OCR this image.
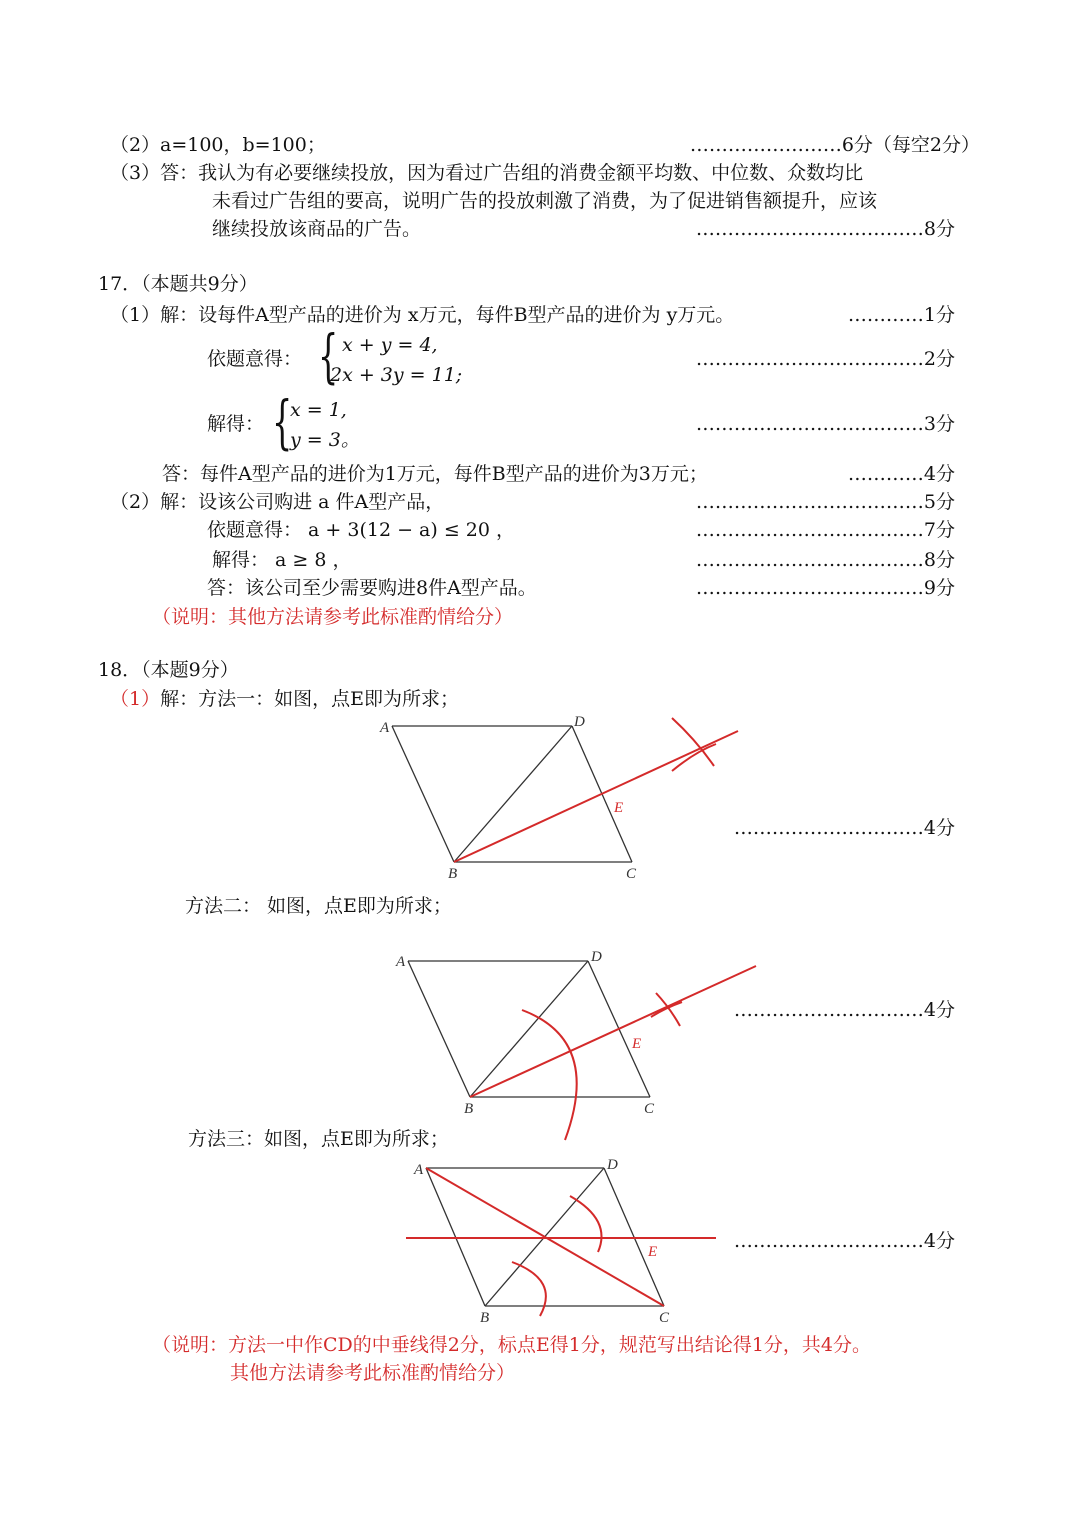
（2） a=100，b=100；	……………………6分（每空2分）
（3）答：我认为有必要继续投放，因为看过广告组的消费金额平均数、中位数、众数均比
未看过广告组的要高，说明广告的投放刺激了消费，为了促进销售额提升，应该
继续投放该商品的广告。	………………………………8分
17．（本题共9分）
（1）解：设每件A型产品的进价为 x万元，每件B型产品的进价为 y万元。	…………1分
依题意得： { x + y = 4,
2x + 3y = 11;
………………………………2分
解得： {
x = 1,
y = 3。
………………………………3分
答：每件A型产品的进价为1万元，每件B型产品的进价为3万元；	…………4分
（2）解：设该公司购进 a 件A型产品，	………………………………5分
依题意得： a + 3(12 − a) ≤ 20 ，	………………………………7分
解得： a ≥ 8 ，	………………………………8分
答：该公司至少需要购进8件A型产品。	………………………………9分
（说明：其他方法请参考此标准酌情给分）
18．（本题9分）
（1）解：方法一：如图，点E即为所求；
A	D
B	C
E
…………………………4分
方法二： 如图，点E即为所求；
A	D
B	C
E
…………………………4分
方法三：如图，点E即为所求；
A	D
B	C
E	…………………………4分
（说明：方法一中作CD的中垂线得2分，标点E得1分，规范写出结论得1分，共4分。
其他方法请参考此标准酌情给分）
